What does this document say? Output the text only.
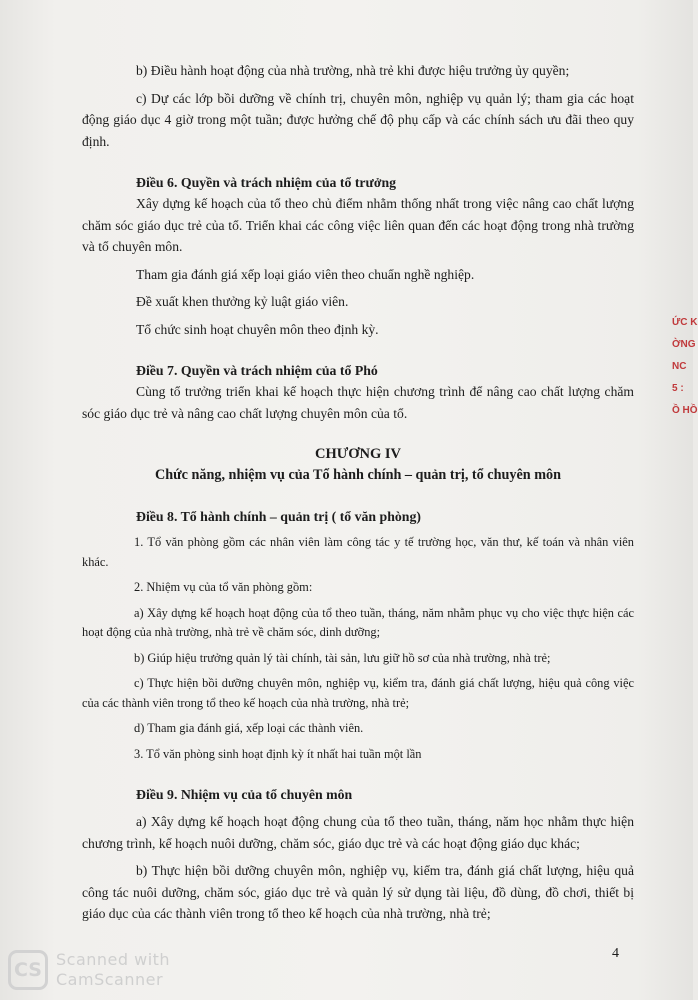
b) Điều hành hoạt động của nhà trường, nhà trẻ khi được hiệu trưởng ủy quyền;

c) Dự các lớp bồi dưỡng về chính trị, chuyên môn, nghiệp vụ quản lý; tham gia các hoạt động giáo dục 4 giờ trong một tuần; được hưởng chế độ phụ cấp và các chính sách ưu đãi theo quy định.

Điều 6. Quyền và trách nhiệm của tổ trưởng

Xây dựng kế hoạch của tổ theo chủ điểm nhằm thống nhất trong việc nâng cao chất lượng chăm sóc giáo dục trẻ của tổ. Triển khai các công việc liên quan đến các hoạt động trong nhà trường và tổ chuyên môn.

Tham gia đánh giá xếp loại giáo viên theo chuẩn nghề nghiệp.

Đề xuất khen thưởng kỷ luật giáo viên.

Tổ chức sinh hoạt chuyên môn theo định kỳ.

Điều 7. Quyền và trách nhiệm của tổ Phó

Cùng tổ trưởng triển khai kế hoạch thực hiện chương trình để nâng cao chất lượng chăm sóc giáo dục trẻ và nâng cao chất lượng chuyên môn của tổ.

CHƯƠNG IV

Chức năng, nhiệm vụ của Tổ hành chính – quản trị, tổ chuyên môn

Điều 8. Tổ hành chính – quản trị ( tổ văn phòng)

1. Tổ văn phòng gồm các nhân viên làm công tác y tế trường học, văn thư, kế toán và nhân viên khác.

2. Nhiệm vụ của tổ văn phòng gồm:

a) Xây dựng kế hoạch hoạt động của tổ theo tuần, tháng, năm nhằm phục vụ cho việc thực hiện các hoạt động của nhà trường, nhà trẻ về chăm sóc, dinh dưỡng;

b) Giúp hiệu trưởng quản lý tài chính, tài sản, lưu giữ hồ sơ của nhà trường, nhà trẻ;

c) Thực hiện bồi dưỡng chuyên môn, nghiệp vụ, kiểm tra, đánh giá chất lượng, hiệu quả công việc của các thành viên trong tổ theo kế hoạch của nhà trường, nhà trẻ;

d) Tham gia đánh giá, xếp loại các thành viên.

3. Tổ văn phòng sinh hoạt định kỳ ít nhất hai tuần một lần

Điều 9. Nhiệm vụ của tổ chuyên môn

a) Xây dựng kế hoạch hoạt động chung của tổ theo tuần, tháng, năm học nhằm thực hiện chương trình, kế hoạch nuôi dưỡng, chăm sóc, giáo dục trẻ và các hoạt động giáo dục khác;

b) Thực hiện bồi dưỡng chuyên môn, nghiệp vụ, kiểm tra, đánh giá chất lượng, hiệu quả công tác nuôi dưỡng, chăm sóc, giáo dục trẻ và quản lý sử dụng tài liệu, đồ dùng, đồ chơi, thiết bị giáo dục của các thành viên trong tổ theo kế hoạch của nhà trường, nhà trẻ;

4
ỨC K
ỜNG
NC
5 :
Ồ HỒ
CS Scanned with
CamScanner
